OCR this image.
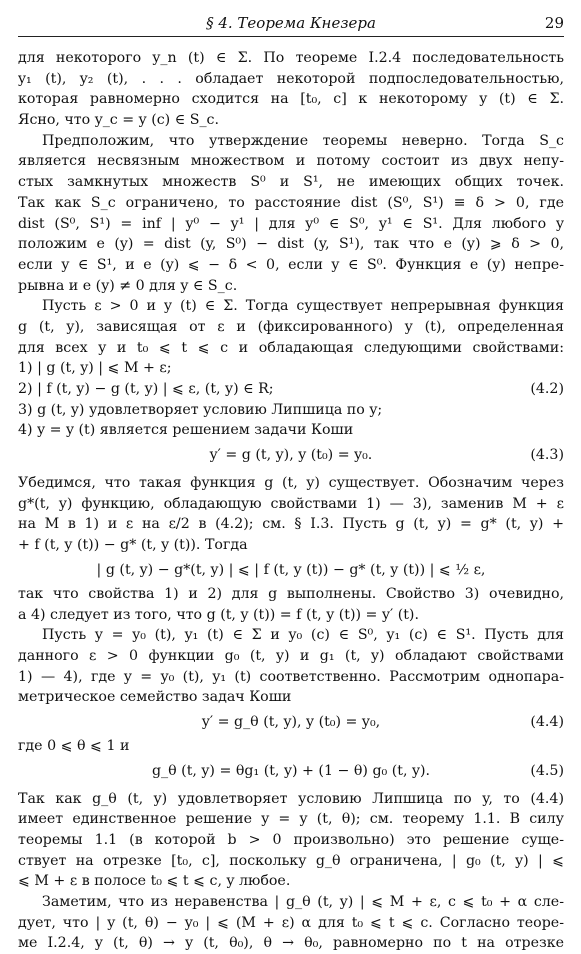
§ 4. Теорема Кнезера	29
для некоторого y_n (t) ∈ Σ. По теореме I.2.4 последовательность
y₁ (t), y₂ (t), . . . обладает некоторой подпоследовательностью,
которая равномерно сходится на [t₀, c] к некоторому y (t) ∈ Σ.
Ясно, что y_c = y (c) ∈ S_c.
Предположим, что утверждение теоремы неверно. Тогда S_c
является несвязным множеством и потому состоит из двух непу-
стых замкнутых множеств S⁰ и S¹, не имеющих общих точек.
Так как S_c ограничено, то расстояние dist (S⁰, S¹) ≡ δ > 0, где
dist (S⁰, S¹) = inf | y⁰ − y¹ | для y⁰ ∈ S⁰, y¹ ∈ S¹. Для любого y
положим e (y) = dist (y, S⁰) − dist (y, S¹), так что e (y) ⩾ δ > 0,
если y ∈ S¹, и e (y) ⩽ − δ < 0, если y ∈ S⁰. Функция e (y) непре-
рывна и e (y) ≠ 0 для y ∈ S_c.
Пусть ε > 0 и y (t) ∈ Σ. Тогда существует непрерывная функция
g (t, y), зависящая от ε и (фиксированного) y (t), определенная
для всех y и t₀ ⩽ t ⩽ c и обладающая следующими свойствами:
1) | g (t, y) | ⩽ M + ε;
2) | f (t, y) − g (t, y) | ⩽ ε, (t, y) ∈ R;	(4.2)
3) g (t, y) удовлетворяет условию Липшица по y;
4) y = y (t) является решением задачи Коши
y′ = g (t, y), y (t₀) = y₀.	(4.3)
Убедимся, что такая функция g (t, y) существует. Обозначим через
g*(t, y) функцию, обладающую свойствами 1) — 3), заменив M + ε
на M в 1) и ε на ε/2 в (4.2); см. § I.3. Пусть g (t, y) = g* (t, y) +
+ f (t, y (t)) − g* (t, y (t)). Тогда
| g (t, y) − g*(t, y) | ⩽ | f (t, y (t)) − g* (t, y (t)) | ⩽ ½ ε,
так что свойства 1) и 2) для g выполнены. Свойство 3) очевидно,
а 4) следует из того, что g (t, y (t)) = f (t, y (t)) = y′ (t).
Пусть y = y₀ (t), y₁ (t) ∈ Σ и y₀ (c) ∈ S⁰, y₁ (c) ∈ S¹. Пусть для
данного ε > 0 функции g₀ (t, y) и g₁ (t, y) обладают свойствами
1) — 4), где y = y₀ (t), y₁ (t) соответственно. Рассмотрим однопара-
метрическое семейство задач Коши
y′ = g_θ (t, y), y (t₀) = y₀,	(4.4)
где 0 ⩽ θ ⩽ 1 и
g_θ (t, y) = θg₁ (t, y) + (1 − θ) g₀ (t, y).	(4.5)
Так как g_θ (t, y) удовлетворяет условию Липшица по y, то (4.4)
имеет единственное решение y = y (t, θ); см. теорему 1.1. В силу
теоремы 1.1 (в которой b > 0 произвольно) это решение суще-
ствует на отрезке [t₀, c], поскольку g_θ ограничена, | g₀ (t, y) | ⩽
⩽ M + ε в полосе t₀ ⩽ t ⩽ c, y любое.
Заметим, что из неравенства | g_θ (t, y) | ⩽ M + ε, c ⩽ t₀ + α сле-
дует, что | y (t, θ) − y₀ | ⩽ (M + ε) α для t₀ ⩽ t ⩽ c. Согласно теоре-
ме I.2.4, y (t, θ) → y (t, θ₀), θ → θ₀, равномерно по t на отрезке
